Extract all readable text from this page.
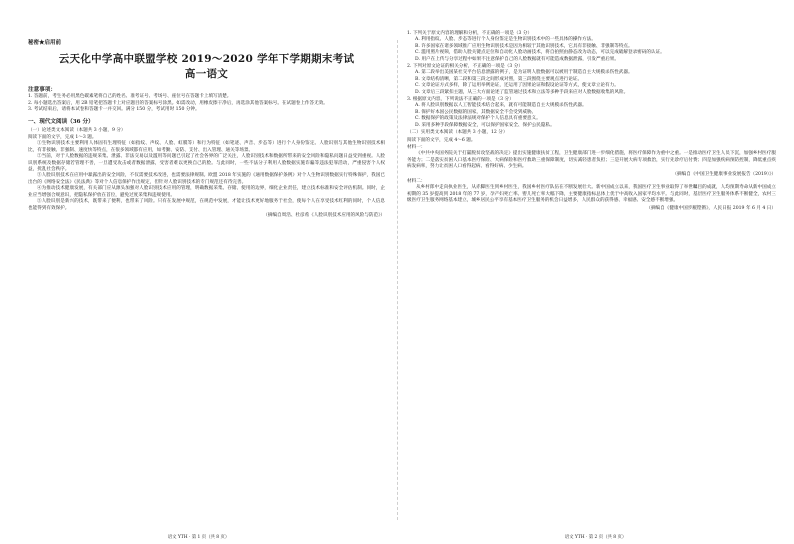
秘密★启用前
云天化中学高中联盟学校 2019～2020 学年下学期期末考试
高一语文
注意事项：
1. 答题前，考生务必用黑色碳素笔将自己的姓名、准考证号、考场号、座位号在答题卡上填写清楚。
2. 每小题选出答案后，用 2B 铅笔把答题卡上对应题目的答案标号涂黑。如需改动，用橡皮擦干净后，再选涂其他答案标号。在试题卷上作答无效。
3. 考试结束后，请将本试卷和答题卡一并交回。满分 150 分，考试用时 150 分钟。
一、现代文阅读（36 分）
（一）论述类文本阅读（本题共 3 小题，9 分）
阅读下面的文字，完成 1～3 题。
①生物识别技术主要利用人体固有生理特征（如指纹、声纹、人脸、虹膜等）和行为特征（如笔迹、声音、步态等）进行个人身份鉴定。人脸识别与其他生物识别技术相比，有非接触、非强制、速度快等特点，在很多领域都有应用，如考勤、安防、支付、出入管理、通关等场景。
②当前，对于人脸数据的违规采集、泄露、非法交易以及滥用等问题已引起了社会各界的广泛关注，人脸识别技术和数据所带来的安全风险和隐私问题日益受到重视。人脸识别系统及数据存储若管理不善，一旦遭受攻击或者数据泄露，受害者难以更换自己的脸。与此同时，一些不法分子利用人脸数据实施诈骗等违法犯罪活动，严重侵害个人权益，扰乱社会秩序。
③人脸识别技术在应用中暴露出的安全风险，不仅需要技术改进，也需要法律规制。欧盟 2018 年实施的《通用数据保护条例》对个人生物识别数据实行特殊保护，我国已出台的《网络安全法》《民法典》等对个人信息保护作出规定，但针对人脸识别技术的专门规范还有待完善。
④为推动技术健康发展，有关部门应从源头加强对人脸识别技术应用的管理，明确数据采集、存储、使用的边界，细化企业责任，建立技术标准和安全评估机制。同时，企业应当增强合规意识，把隐私保护放在首位，避免过度采集和违规使用。
⑤人脸识别是新兴的技术，既带来了便利，也带来了风险。只有在发展中规范，在规范中发展，才能让技术更好地服务于社会，使每个人在享受技术红利的同时，个人信息也能得到有效保护。
（摘编自周浩、杜彦希《人脸识别技术应用的风险与防范》）
语文 YTH · 第 1 页（共 8 页）
1. 下列关于原文内容的理解和分析，不正确的一项是（3 分）
A. 利用指纹、人脸、步态等进行个人身份鉴定是生物识别技术中的一些具体的操作方法。
B. 许多国家在诸多领域推广应用生物识别技术是因为相较于其他识别技术，它具有非接触、非强制等特点。
C. 滥用照片视频，借助人脸关键点定位和自动化人脸动画技术，将自拍照由静态改为动态，可以完成破解登录密码的认证。
D. 用户在上传与分享过程中如果不注意保护自己的人脸数据就有可能造成数据泄露，引发严重后果。
2. 下列对原文论证的相关分析，不正确的一项是（3 分）
A. 第二段举出美国某社交平台信息泄露的例子，是为证明人脸数据可以被用于制造自主大规模杀伤性武器。
B. 文章结构清晰，第二段和第三段之间形成对照，第三段围绕主要观点进行论证。
C. 文章论证方式多样，除了运用举例论证，还运用了因果论证和假设论证等方式，使文章立论有力。
D. 文章后三段紧扣主题，从三大方面论述了监管通过技术和立法等多种手段来应对人脸数据收集的风险。
3. 根据原文内容，下列说法不正确的一项是（3 分）
A. 将人脸识别数据以人工智能技术结合起来，就有可能制造自主大规模杀伤性武器。
B. 保护好本国公民数据的国家，其数据安全不会受到威胁。
C. 数据保护的政策及法律法规对保护个人信息具有重要意义。
D. 采用多种手段保障数据安全，可以保护国家安全、保护公民隐私。
（二）实用类文本阅读（本题共 3 小题，12 分）
阅读下面的文字，完成 4～6 题。
材料一：
《中共中央国务院关于打赢脱贫攻坚战的决定》提出实施健康扶贫工程，卫生健康部门进一步细化措施，将医疗保障作为重中之重。一是推动医疗卫生人员下沉，加强乡村医疗服务能力；二是落实贫困人口基本医疗保险、大病保险和医疗救助三重保障制度，切实减轻患者负担；三是开展大病专项救治，实行先诊疗后付费；四是加强疾病预防控制，降低重点疾病发病率，努力让贫困人口看得起病、看得好病、少生病。
（摘编自《中国卫生健康事业发展报告（2019）》）
材料二：
从乡村郎中走向执业医生，从赤脚医生到乡村医生，我国乡村医疗队伍在不断发展壮大。新中国成立以来，我国医疗卫生事业取得了举世瞩目的成就，人均预期寿命从新中国成立初期的 35 岁提高到 2018 年的 77 岁，孕产妇死亡率、婴儿死亡率大幅下降，主要健康指标总体上优于中高收入国家平均水平。与此同时，基层医疗卫生服务体系不断健全，农村三级医疗卫生服务网络基本建立，城乡居民公平享有基本医疗卫生服务的机会日益增多，人民群众的获得感、幸福感、安全感不断增强。
（摘编自《健康中国步履铿锵》，人民日报 2019 年 6 月 4 日）
语文 YTH · 第 2 页（共 8 页）
